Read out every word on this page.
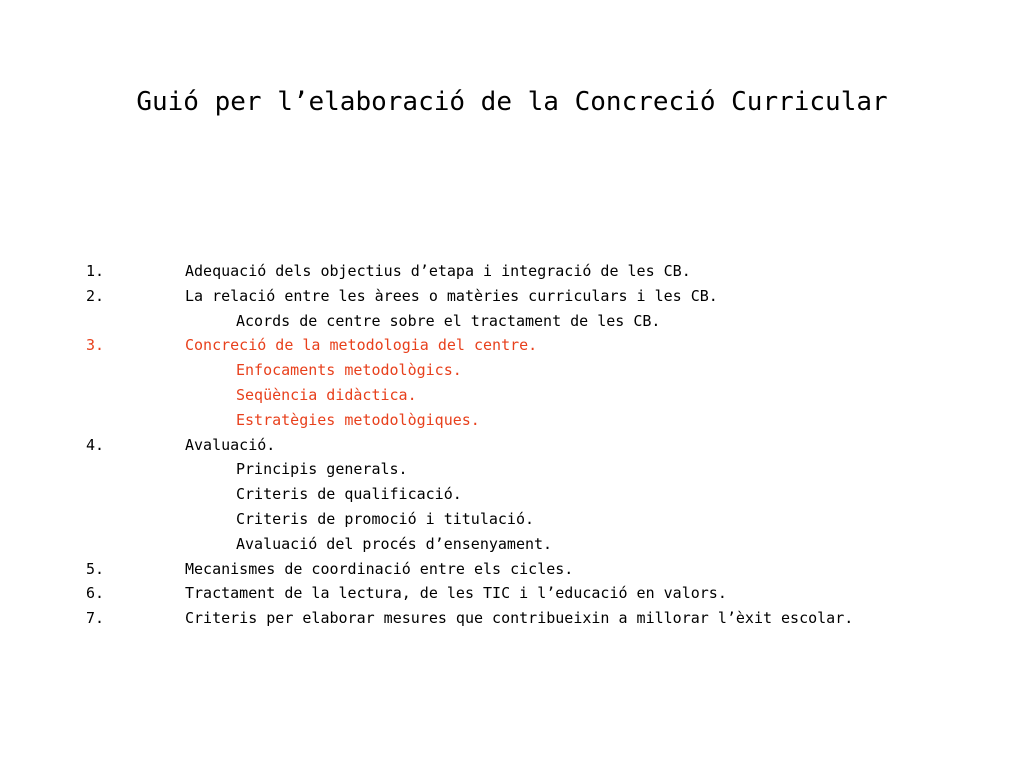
Guió per l’elaboració de la Concreció Curricular
1.	Adequació dels objectius d’etapa i integració de les CB.
2.	La relació entre les àrees o matèries curriculars i les CB.
Acords de centre sobre el tractament de les CB.
3.	Concreció de la metodologia del centre.
Enfocaments metodològics.
Seqüència didàctica.
Estratègies metodològiques.
4.	Avaluació.
Principis generals.
Criteris de qualificació.
Criteris de promoció i titulació.
Avaluació del procés d’ensenyament.
5.	Mecanismes de coordinació entre els cicles.
6.	Tractament de la lectura, de les TIC i l’educació en valors.
7.	Criteris per elaborar mesures que contribueixin a millorar l’èxit escolar.
